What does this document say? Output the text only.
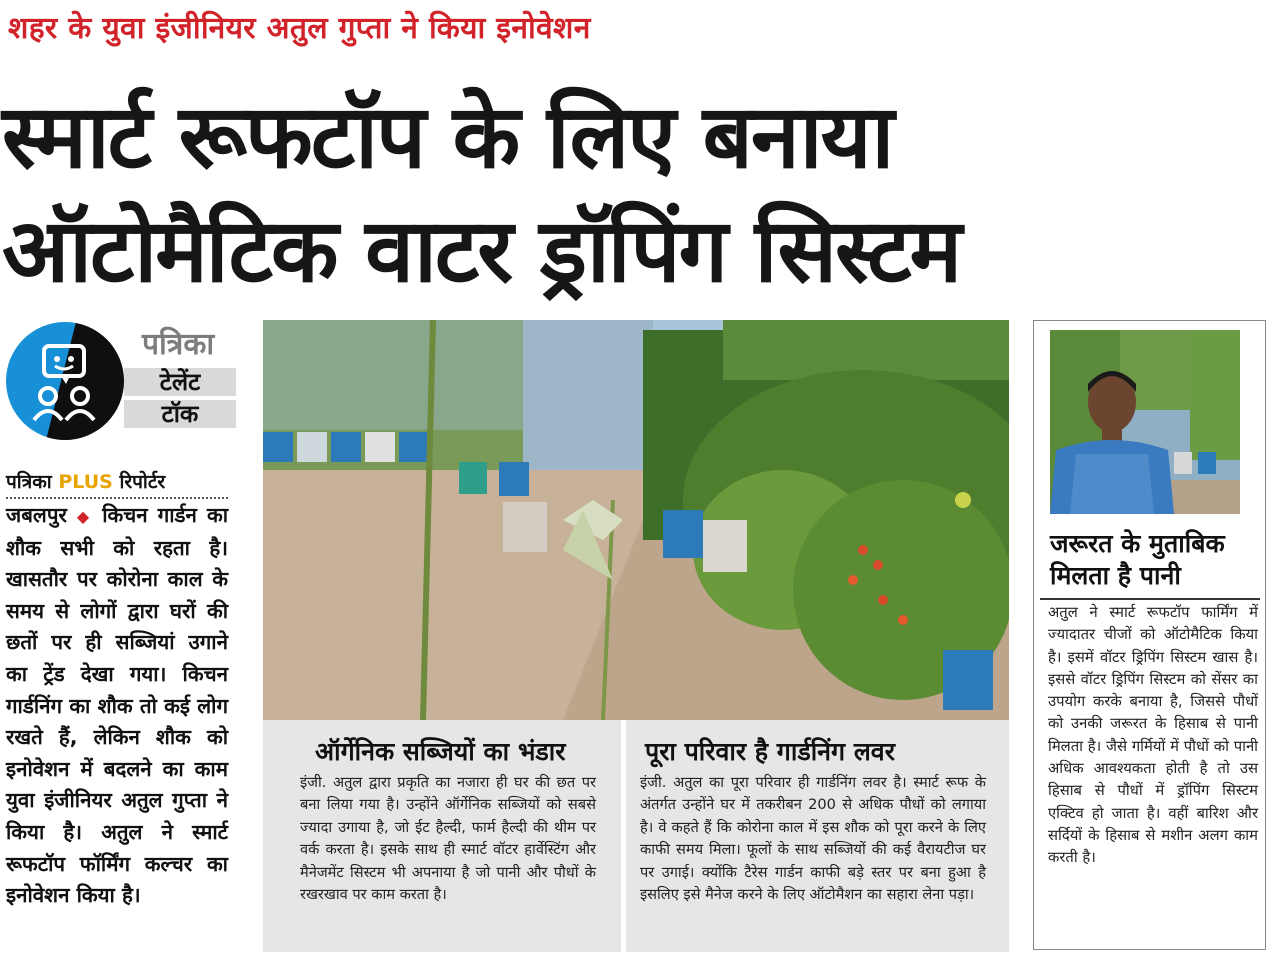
शहर के युवा इंजीनियर अतुल गुप्ता ने किया इनोवेशन
स्मार्ट रूफटॉप के लिए बनाया
ऑटोमैटिक वाटर ड्रॉपिंग सिस्टम
पत्रिका
टेलेंट
टॉक
पत्रिका PLUS रिपोर्टर
जबलपुर ◆ किचन गार्डन का शौक सभी को रहता है। खासतौर पर कोरोना काल के समय से लोगों द्वारा घरों की छतों पर ही सब्जियां उगाने का ट्रेंड देखा गया। किचन गार्डनिंग का शौक तो कई लोग रखते हैं, लेकिन शौक को इनोवेशन में बदलने का काम युवा इंजीनियर अतुल गुप्ता ने किया है। अतुल ने स्मार्ट रूफटॉप फॉर्मिंग कल्चर का इनोवेशन किया है।
ऑर्गेनिक सब्जियों का भंडार
इंजी. अतुल द्वारा प्रकृति का नजारा ही घर की छत पर बना लिया गया है। उन्होंने ऑर्गेनिक सब्जियों को सबसे ज्यादा उगाया है, जो ईट हैल्दी, फार्म हैल्दी की थीम पर वर्क करता है। इसके साथ ही स्मार्ट वॉटर हार्वेस्टिंग और मैनेजमेंट सिस्टम भी अपनाया है जो पानी और पौधों के रखरखाव पर काम करता है।
पूरा परिवार है गार्डनिंग लवर
इंजी. अतुल का पूरा परिवार ही गार्डनिंग लवर है। स्मार्ट रूफ के अंतर्गत उन्होंने घर में तकरीबन 200 से अधिक पौधों को लगाया है। वे कहते हैं कि कोरोना काल में इस शौक को पूरा करने के लिए काफी समय मिला। फूलों के साथ सब्जियों की कई वैरायटीज घर पर उगाई। क्योंकि टैरेस गार्डन काफी बड़े स्तर पर बना हुआ है इसलिए इसे मैनेज करने के लिए ऑटोमैशन का सहारा लेना पड़ा।
जरूरत के मुताबिक
मिलता है पानी
अतुल ने स्मार्ट रूफटॉप फार्मिंग में ज्यादातर चीजों को ऑटोमैटिक किया है। इसमें वॉटर ड्रिपिंग सिस्टम खास है। इससे वॉटर ड्रिपिंग सिस्टम को सेंसर का उपयोग करके बनाया है, जिससे पौधों को उनकी जरूरत के हिसाब से पानी मिलता है। जैसे गर्मियों में पौधों को पानी अधिक आवश्यकता होती है तो उस हिसाब से पौधों में ड्रॉपिंग सिस्टम एक्टिव हो जाता है। वहीं बारिश और सर्दियों के हिसाब से मशीन अलग काम करती है।
